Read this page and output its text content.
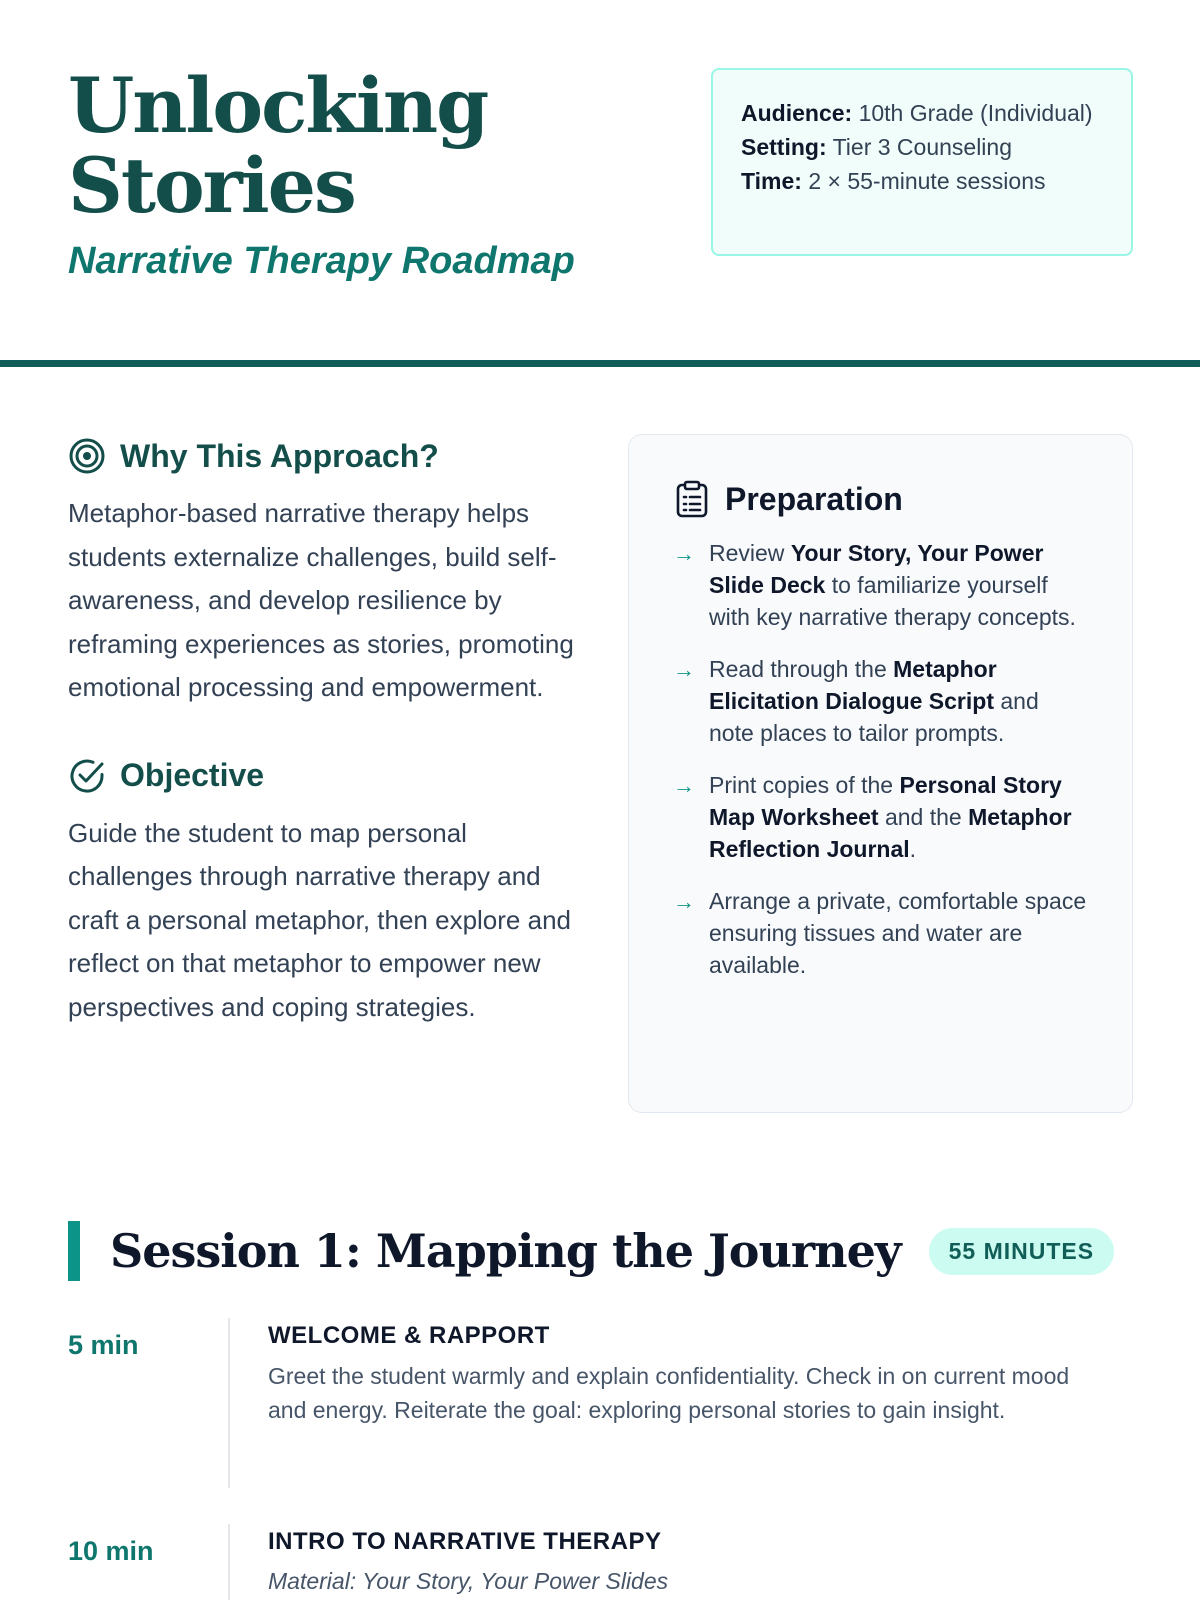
Unlocking
Stories
Narrative Therapy Roadmap
Audience: 10th Grade (Individual)
Setting: Tier 3 Counseling
Time: 2 × 55-minute sessions
Why This Approach?

Metaphor-based narrative therapy helps students externalize challenges, build self-awareness, and develop resilience by reframing experiences as stories, promoting emotional processing and empowerment.

Objective

Guide the student to map personal challenges through narrative therapy and craft a personal metaphor, then explore and reflect on that metaphor to empower new perspectives and coping strategies.

Preparation
→ Review Your Story, Your Power Slide Deck to familiarize yourself with key narrative therapy concepts.
→ Read through the Metaphor Elicitation Dialogue Script and note places to tailor prompts.
→ Print copies of the Personal Story Map Worksheet and the Metaphor Reflection Journal.
→ Arrange a private, comfortable space ensuring tissues and water are available.
Session 1: Mapping the Journey	55 MINUTES
5 min	WELCOME & RAPPORT
Greet the student warmly and explain confidentiality. Check in on current mood and energy. Reiterate the goal: exploring personal stories to gain insight.
10 min	INTRO TO NARRATIVE THERAPY
Material: Your Story, Your Power Slides
